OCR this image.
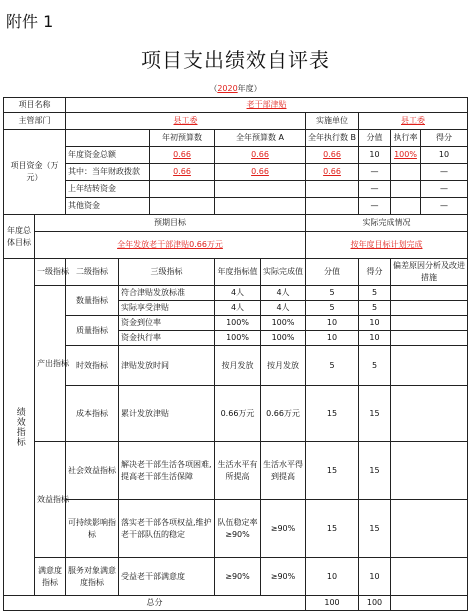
附件 1
项目支出绩效自评表
（2020年度）
项目名称		老干部津贴								
主管部门		县工委					实施单位	县工委		
项目资金（万元）				年初预算数	全年预算数 A		全年执行数 B	分值	执行率	得分
		年度资金总额		0.66	0.66		0.66	10	100%	10
		其中：当年财政拨款		0.66	0.66		0.66	—		—
		上年结转资金						—		—
		其他资金						—		—
年度总体目标	预期目标						实际完成情况			
	全年发放老干部津贴0.66万元						按年度目标计划完成			
绩效指标	一级指标	二级指标	三级指标		年度指标值	实际完成值	分值	得分	偏差原因分析及改进措施	
	产出指标	数量指标	符合津贴发放标准		4人	4人	5	5		
			实际享受津贴		4人	4人	5	5		
		质量指标	资金到位率		100%	100%	10	10		
			资金执行率		100%	100%	10	10		
		时效指标	津贴发放时间		按月发放	按月发放	5	5		
		成本指标	累计发放津贴		0.66万元	0.66万元	15	15		
	效益指标	社会效益指标	解决老干部生活各项困难,提高老干部生活保障		生活水平有所提高	生活水平得到提高	15	15		
		可持续影响指标	落实老干部各项权益,维护老干部队伍的稳定		队伍稳定率≥90%	≥90%	15	15		
	满意度指标	服务对象满意度指标	受益老干部满意度		≥90%	≥90%	10	10		
总分							100	100		
